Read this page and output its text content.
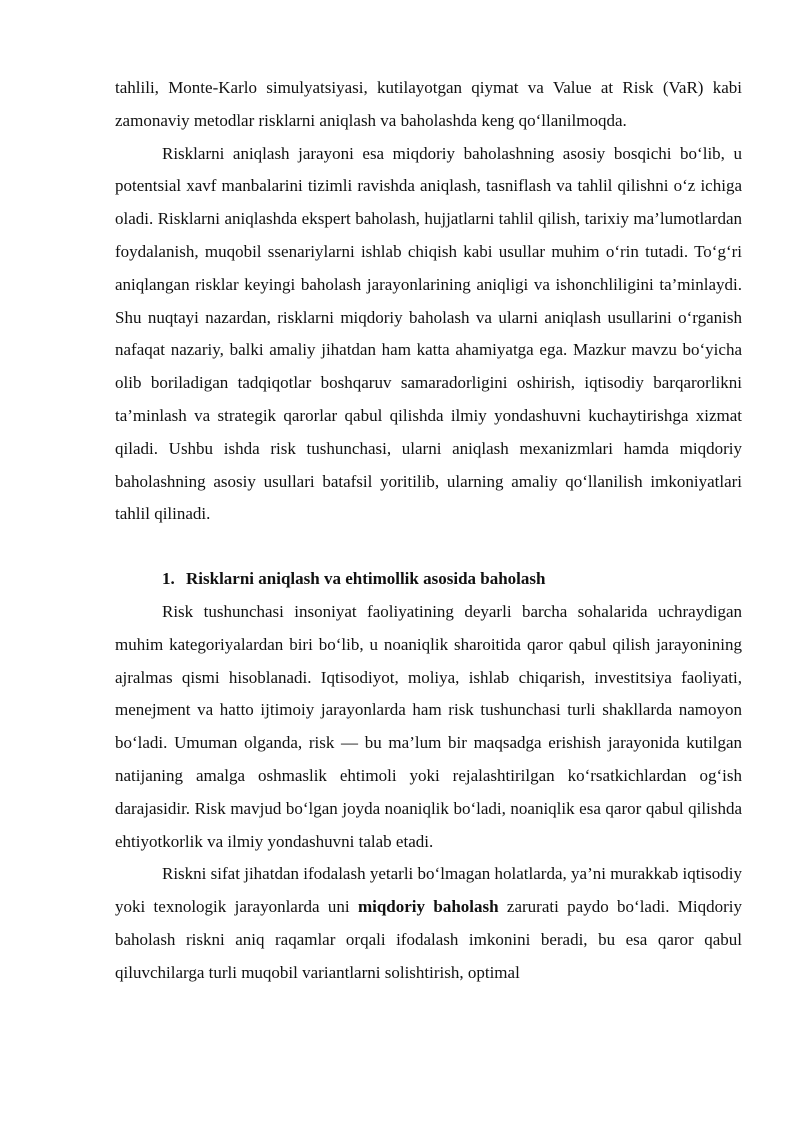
tahlili, Monte-Karlo simulyatsiyasi, kutilayotgan qiymat va Value at Risk (VaR) kabi zamonaviy metodlar risklarni aniqlash va baholashda keng qo‘llanilmoqda.

Risklarni aniqlash jarayoni esa miqdoriy baholashning asosiy bosqichi bo‘lib, u potentsial xavf manbalarini tizimli ravishda aniqlash, tasniflash va tahlil qilishni o‘z ichiga oladi. Risklarni aniqlashda ekspert baholash, hujjatlarni tahlil qilish, tarixiy ma’lumotlardan foydalanish, muqobil ssenariylarni ishlab chiqish kabi usullar muhim o‘rin tutadi. To‘g‘ri aniqlangan risklar keyingi baholash jarayonlarining aniqligi va ishonchliligini ta’minlaydi. Shu nuqtayi nazardan, risklarni miqdoriy baholash va ularni aniqlash usullarini o‘rganish nafaqat nazariy, balki amaliy jihatdan ham katta ahamiyatga ega. Mazkur mavzu bo‘yicha olib boriladigan tadqiqotlar boshqaruv samaradorligini oshirish, iqtisodiy barqarorlikni ta’minlash va strategik qarorlar qabul qilishda ilmiy yondashuvni kuchaytirishga xizmat qiladi. Ushbu ishda risk tushunchasi, ularni aniqlash mexanizmlari hamda miqdoriy baholashning asosiy usullari batafsil yoritilib, ularning amaliy qo‘llanilish imkoniyatlari tahlil qilinadi.

1. Risklarni aniqlash va ehtimollik asosida baholash

Risk tushunchasi insoniyat faoliyatining deyarli barcha sohalarida uchraydigan muhim kategoriyalardan biri bo‘lib, u noaniqlik sharoitida qaror qabul qilish jarayonining ajralmas qismi hisoblanadi. Iqtisodiyot, moliya, ishlab chiqarish, investitsiya faoliyati, menejment va hatto ijtimoiy jarayonlarda ham risk tushunchasi turli shakllarda namoyon bo‘ladi. Umuman olganda, risk — bu ma’lum bir maqsadga erishish jarayonida kutilgan natijaning amalga oshmaslik ehtimoli yoki rejalashtirilgan ko‘rsatkichlardan og‘ish darajasidir. Risk mavjud bo‘lgan joyda noaniqlik bo‘ladi, noaniqlik esa qaror qabul qilishda ehtiyotkorlik va ilmiy yondashuvni talab etadi.

Riskni sifat jihatdan ifodalash yetarli bo‘lmagan holatlarda, ya’ni murakkab iqtisodiy yoki texnologik jarayonlarda uni miqdoriy baholash zarurati paydo bo‘ladi. Miqdoriy baholash riskni aniq raqamlar orqali ifodalash imkonini beradi, bu esa qaror qabul qiluvchilarga turli muqobil variantlarni solishtirish, optimal
